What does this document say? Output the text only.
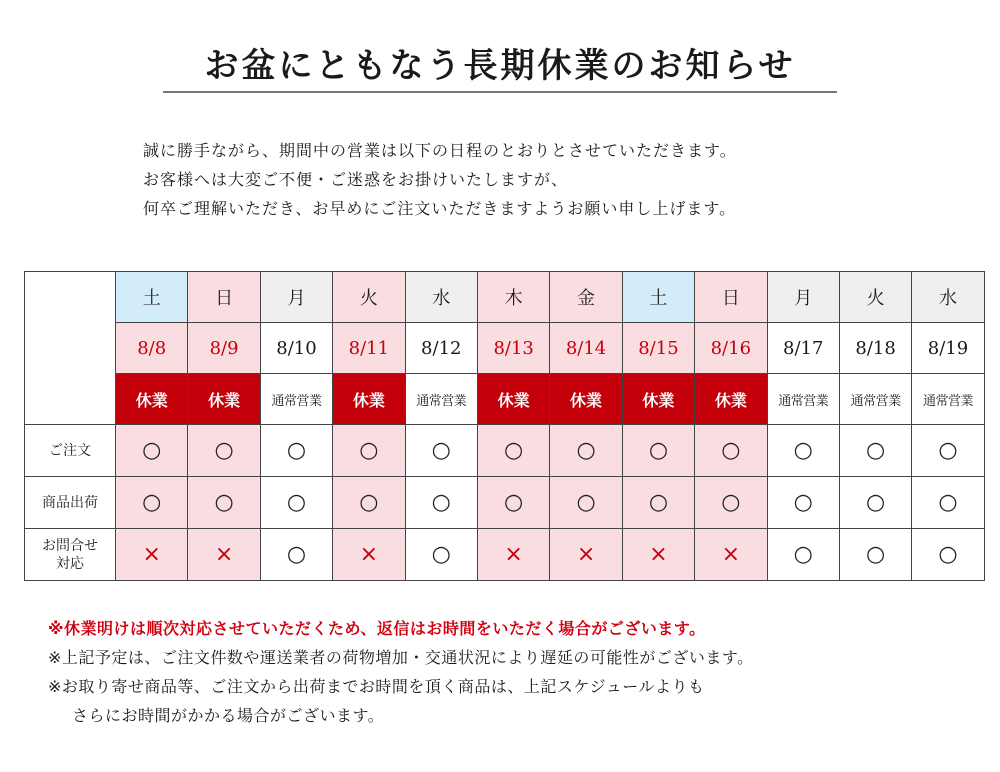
お盆にともなう長期休業のお知らせ
誠に勝手ながら、期間中の営業は以下の日程のとおりとさせていただきます。
お客様へは大変ご不便・ご迷惑をお掛けいたしますが、
何卒ご理解いただき、お早めにご注文いただきますようお願い申し上げます。
	土	日	月	火	水	木	金	土	日	月	火	水
	8/8	8/9	8/10	8/11	8/12	8/13	8/14	8/15	8/16	8/17	8/18	8/19
	休業	休業	通常営業	休業	通常営業	休業	休業	休業	休業	通常営業	通常営業	通常営業
ご注文	○	○	○	○	○	○	○	○	○	○	○	○
商品出荷	○	○	○	○	○	○	○	○	○	○	○	○

お問合せ
対応	×	×	○	×	○	×	×	×	×	○	○	○
※休業明けは順次対応させていただくため、返信はお時間をいただく場合がございます。
※上記予定は、ご注文件数や運送業者の荷物増加・交通状況により遅延の可能性がございます。
※お取り寄せ商品等、ご注文から出荷までお時間を頂く商品は、上記スケジュールよりも
さらにお時間がかかる場合がございます。
